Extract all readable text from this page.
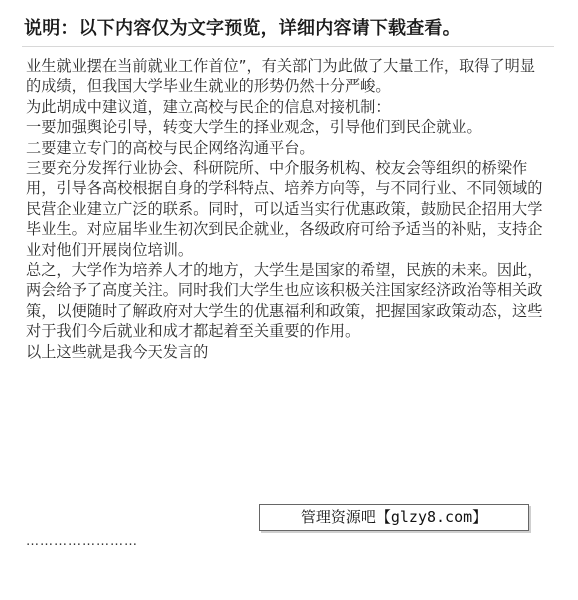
说明：以下内容仅为文字预览，详细内容请下载查看。

业生就业摆在当前就业工作首位”，有关部门为此做了大量工作，取得了明显的成绩，但我国大学毕业生就业的形势仍然十分严峻。

为此胡成中建议道，建立高校与民企的信息对接机制：

一要加强舆论引导，转变大学生的择业观念，引导他们到民企就业。

二要建立专门的高校与民企网络沟通平台。

三要充分发挥行业协会、科研院所、中介服务机构、校友会等组织的桥梁作用，引导各高校根据自身的学科特点、培养方向等，与不同行业、不同领域的民营企业建立广泛的联系。同时，可以适当实行优惠政策，鼓励民企招用大学毕业生。对应届毕业生初次到民企就业，各级政府可给予适当的补贴，支持企业对他们开展岗位培训。

总之，大学作为培养人才的地方，大学生是国家的希望，民族的未来。因此，两会给予了高度关注。同时我们大学生也应该积极关注国家经济政治等相关政策，以便随时了解政府对大学生的优惠福利和政策，把握国家政策动态，这些对于我们今后就业和成才都起着至关重要的作用。

以上这些就是我今天发言的

……………………
管理资源吧【glzy8.com】
